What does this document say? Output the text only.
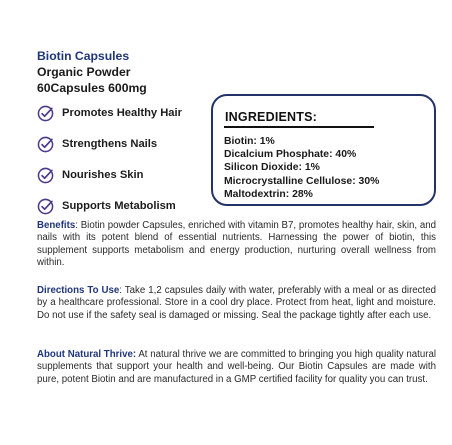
Biotin Capsules
Organic Powder
60Capsules 600mg
Promotes Healthy Hair
Strengthens Nails
Nourishes Skin
Supports Metabolism
INGREDIENTS:
Biotin: 1%
Dicalcium Phosphate: 40%
Silicon Dioxide: 1%
Microcrystalline Cellulose: 30%
Maltodextrin: 28%

Benefits: Biotin powder Capsules, enriched with vitamin B7, promotes healthy hair, skin, and nails with its potent blend of essential nutrients. Harnessing the power of biotin, this supplement supports metabolism and energy production, nurturing overall wellness from within.

Directions To Use: Take 1,2 capsules daily with water, preferably with a meal or as directed by a healthcare professional. Store in a cool dry place. Protect from heat, light and moisture. Do not use if the safety seal is damaged or missing. Seal the package tightly after each use.

About Natural Thrive: At natural thrive we are committed to bringing you high quality natural supplements that support your health and well-being. Our Biotin Capsules are made with pure, potent Biotin and are manufactured in a GMP certified facility for quality you can trust.
